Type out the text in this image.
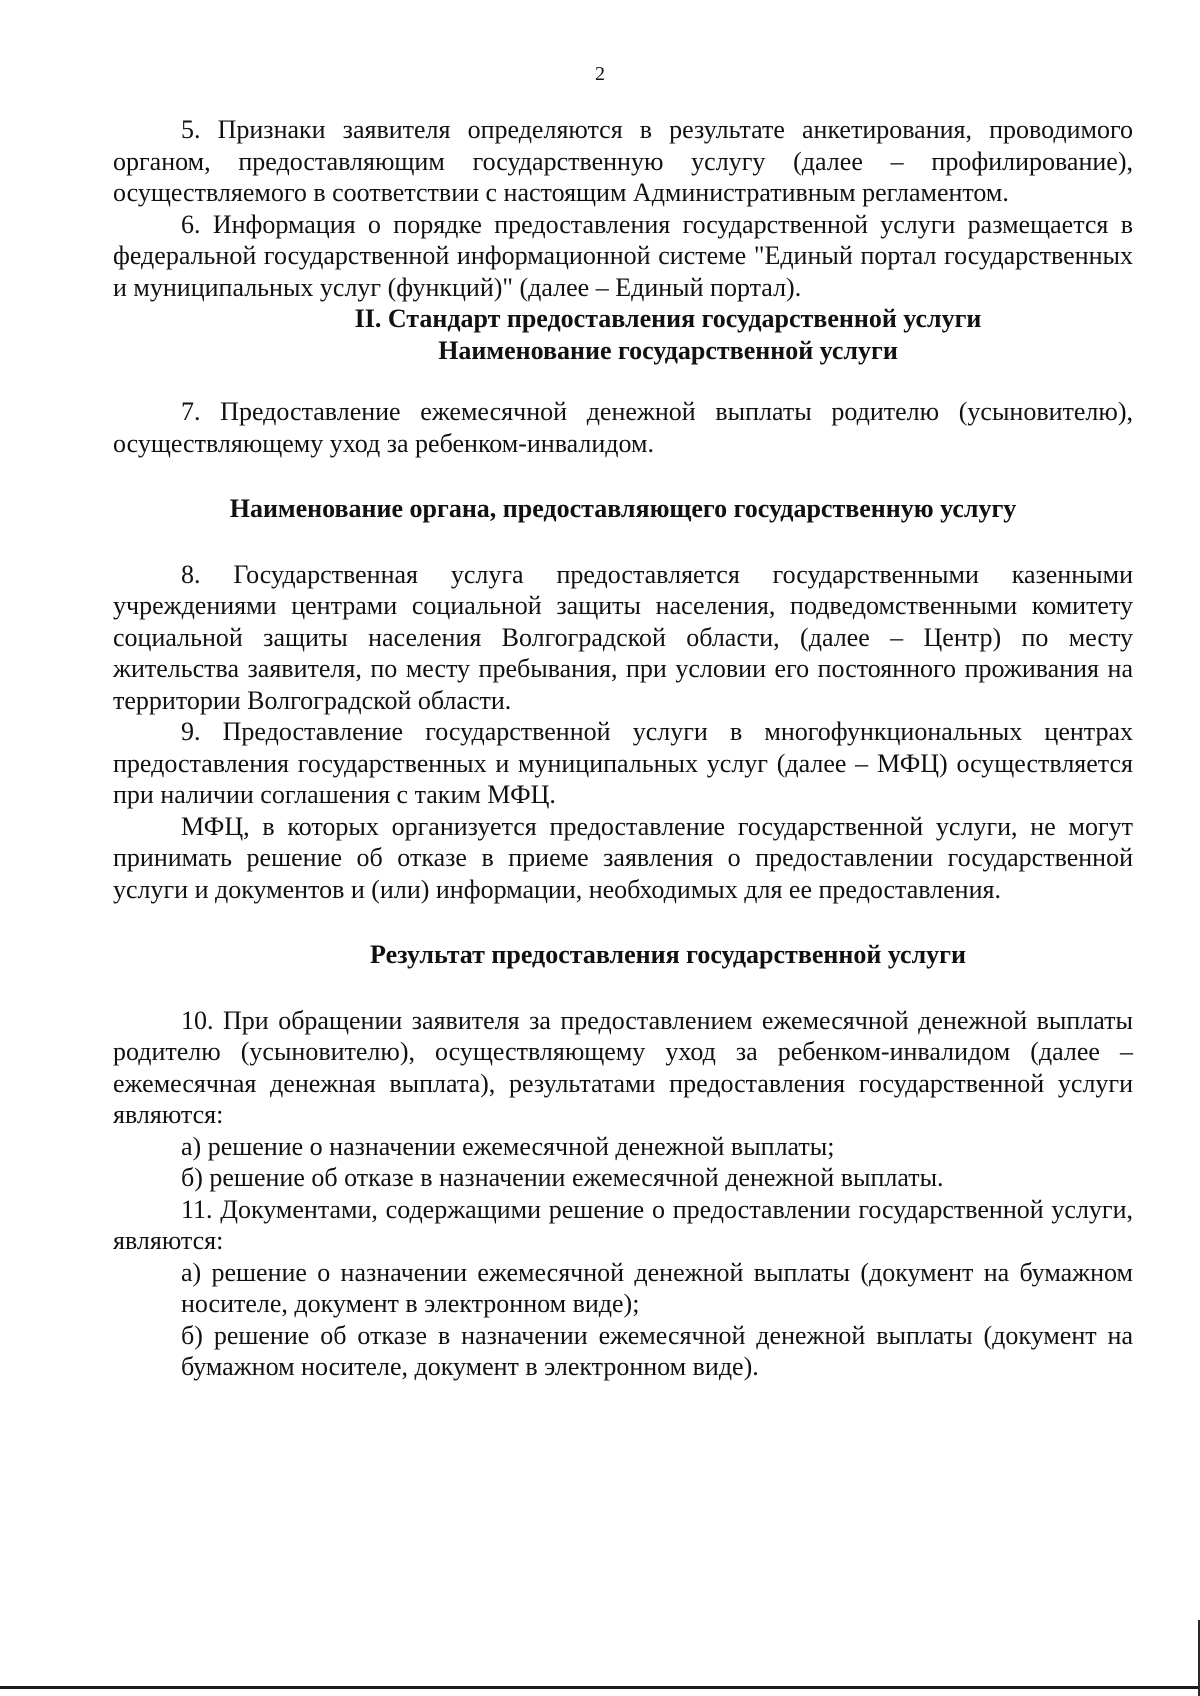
2

5. Признаки заявителя определяются в результате анкетирования, проводимого органом, предоставляющим государственную услугу (далее – профилирование), осуществляемого в соответствии с настоящим Административным регламентом.

6. Информация о порядке предоставления государственной услуги размещается в федеральной государственной информационной системе "Единый портал государственных и муниципальных услуг (функций)" (далее – Единый портал).

II. Стандарт предоставления государственной услуги

Наименование государственной услуги

7. Предоставление ежемесячной денежной выплаты родителю (усыновителю), осуществляющему уход за ребенком-инвалидом.

Наименование органа, предоставляющего государственную услугу

8. Государственная услуга предоставляется государственными казенными учреждениями центрами социальной защиты населения, подведомственными комитету социальной защиты населения Волгоградской области, (далее – Центр) по месту жительства заявителя, по месту пребывания, при условии его постоянного проживания на территории Волгоградской области.

9. Предоставление государственной услуги в многофункциональных центрах предоставления государственных и муниципальных услуг (далее – МФЦ) осуществляется при наличии соглашения с таким МФЦ.

МФЦ, в которых организуется предоставление государственной услуги, не могут принимать решение об отказе в приеме заявления о предоставлении государственной услуги и документов и (или) информации, необходимых для ее предоставления.

Результат предоставления государственной услуги

10. При обращении заявителя за предоставлением ежемесячной денежной выплаты родителю (усыновителю), осуществляющему уход за ребенком-инвалидом (далее – ежемесячная денежная выплата), результатами предоставления государственной услуги являются:

а) решение о назначении ежемесячной денежной выплаты;

б) решение об отказе в назначении ежемесячной денежной выплаты.

11. Документами, содержащими решение о предоставлении государственной услуги, являются:

а) решение о назначении ежемесячной денежной выплаты (документ на бумажном носителе, документ в электронном виде);

б) решение об отказе в назначении ежемесячной денежной выплаты (документ на бумажном носителе, документ в электронном виде).
